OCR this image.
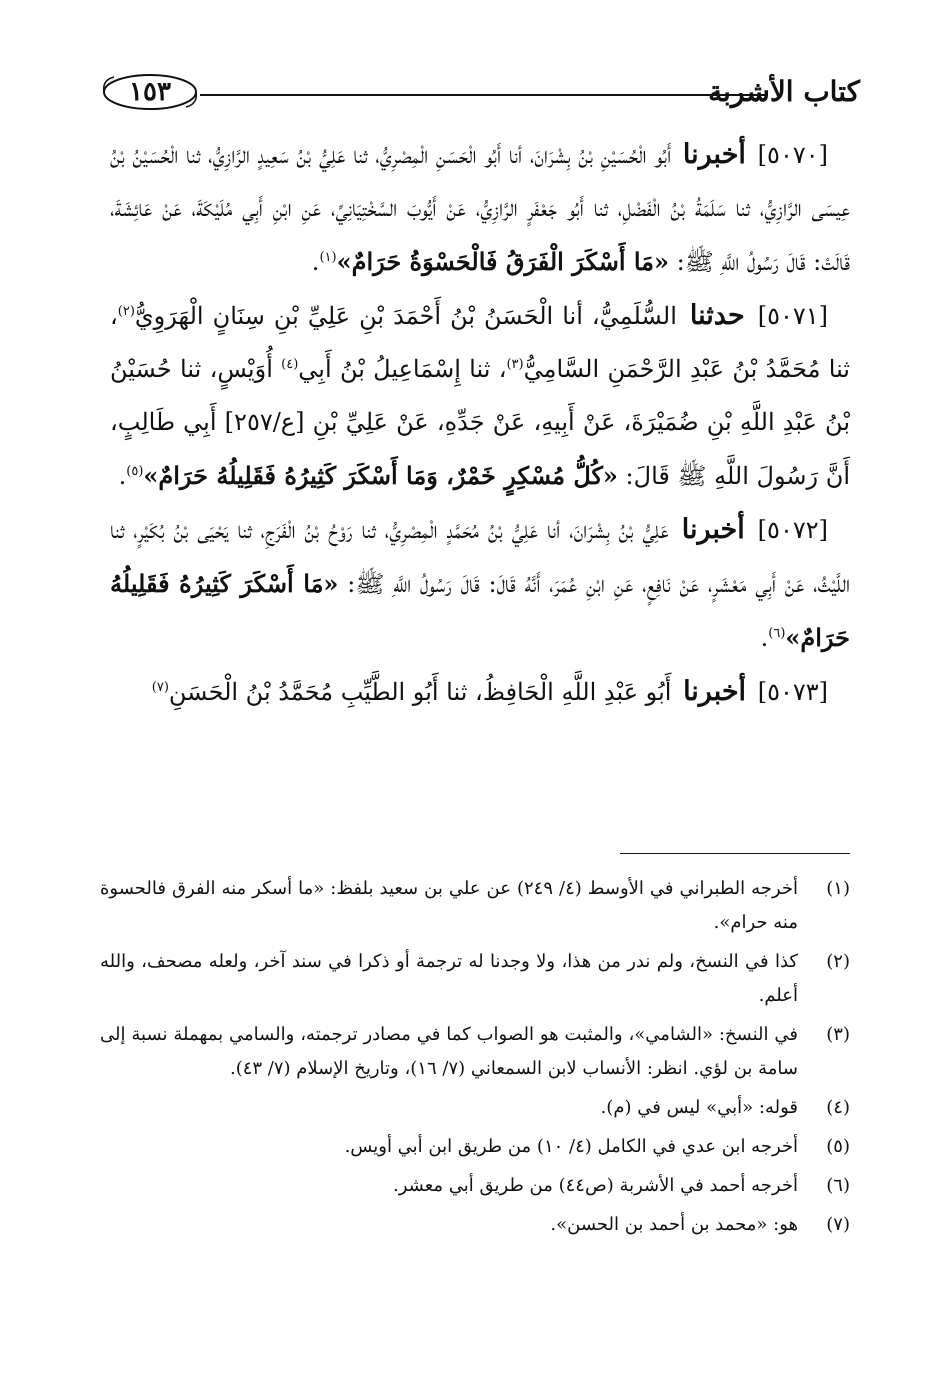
كتاب الأشربة
١٥٣

[٥٠٧٠] أخبرنا أَبُو الْحُسَيْنِ بْنُ بِشْرَانَ، أنا أَبُو الْحَسَنِ الْمِصْرِيُّ، ثنا عَلِيُّ بْنُ سَعِيدٍ الرَّازِيُّ، ثنا الْحُسَيْنُ بْنُ عِيسَى الرَّازِيُّ، ثنا سَلَمَةُ بْنُ الْفَضْلِ، ثنا أَبُو جَعْفَرٍ الرَّازِيُّ، عَنْ أَيُّوبَ السَّخْتِيَانِيِّ، عَنِ ابْنِ أَبِي مُلَيْكَةَ، عَنْ عَائِشَةَ، قَالَتْ: قَالَ رَسُولُ اللَّهِ ﷺ: «مَا أَسْكَرَ الْفَرَقُ فَالْحَسْوَةُ حَرَامٌ»$^{(١)}$.

[٥٠٧١] حدثنا السُّلَمِيُّ، أنا الْحَسَنُ بْنُ أَحْمَدَ بْنِ عَلِيِّ بْنِ سِنَانٍ الْهَرَوِيُّ$^{(٢)}$، ثنا مُحَمَّدُ بْنُ عَبْدِ الرَّحْمَنِ السَّامِيُّ$^{(٣)}$، ثنا إِسْمَاعِيلُ بْنُ أَبِي$^{(٤)}$ أُوَيْسٍ، ثنا حُسَيْنُ بْنُ عَبْدِ اللَّهِ بْنِ ضُمَيْرَةَ، عَنْ أَبِيهِ، عَنْ جَدِّهِ، عَنْ عَلِيِّ بْنِ [ع/٢٥٧] أَبِي طَالِبٍ، أَنَّ رَسُولَ اللَّهِ ﷺ قَالَ: «كُلُّ مُسْكِرٍ خَمْرٌ، وَمَا أَسْكَرَ كَثِيرُهُ فَقَلِيلُهُ حَرَامٌ»$^{(٥)}$.

[٥٠٧٢] أخبرنا عَلِيُّ بْنُ بِشْرَانَ، أنا عَلِيُّ بْنُ مُحَمَّدٍ الْمِصْرِيُّ، ثنا رَوْحُ بْنُ الْفَرَجِ، ثنا يَحْيَى بْنُ بُكَيْرٍ، ثنا اللَّيْثُ، عَنْ أَبِي مَعْشَرٍ، عَنْ نَافِعٍ، عَنِ ابْنِ عُمَرَ، أَنَّهُ قَالَ: قَالَ رَسُولُ اللَّهِ ﷺ: «مَا أَسْكَرَ كَثِيرُهُ فَقَلِيلُهُ حَرَامٌ»$^{(٦)}$.

[٥٠٧٣] أخبرنا أَبُو عَبْدِ اللَّهِ الْحَافِظُ، ثنا أَبُو الطَّيِّبِ مُحَمَّدُ بْنُ الْحَسَنِ$^{(٧)}$

(١)
أخرجه الطبراني في الأوسط (٤/ ٢٤٩) عن علي بن سعيد بلفظ: «ما أسكر منه الفرق فالحسوة منه حرام».
(٢)
كذا في النسخ، ولم ندر من هذا، ولا وجدنا له ترجمة أو ذكرا في سند آخر، ولعله مصحف، والله أعلم.
(٣)
في النسخ: «الشامي»، والمثبت هو الصواب كما في مصادر ترجمته، والسامي بمهملة نسبة إلى سامة بن لؤي. انظر: الأنساب لابن السمعاني (٧/ ١٦)، وتاريخ الإسلام (٧/ ٤٣).
(٤)
قوله: «أبي» ليس في (م).
(٥)
أخرجه ابن عدي في الكامل (٤/ ١٠) من طريق ابن أبي أويس.
(٦)
أخرجه أحمد في الأشربة (ص٤٤) من طريق أبي معشر.
(٧)
هو: «محمد بن أحمد بن الحسن».
